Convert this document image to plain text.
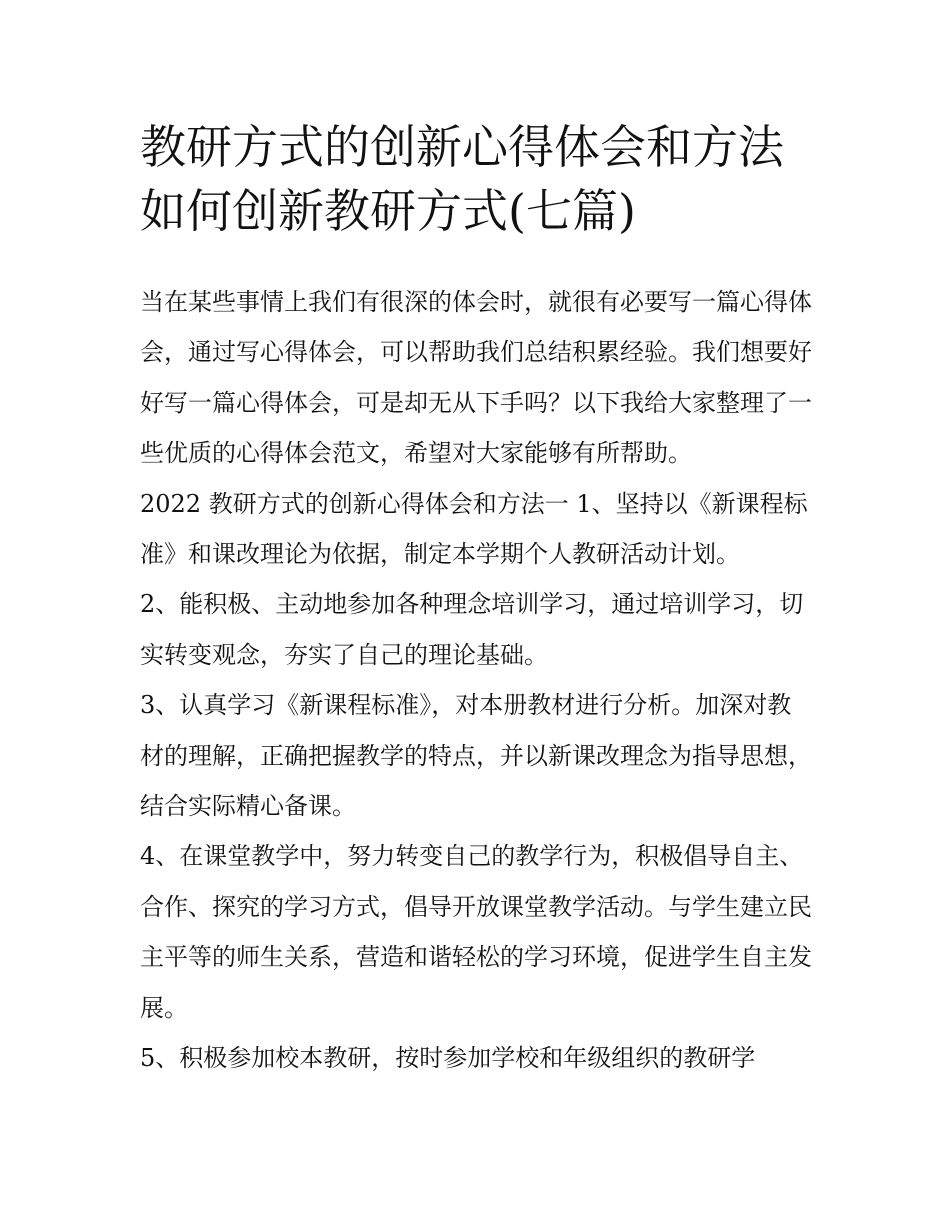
教研方式的创新心得体会和方法 如何创新教研方式(七篇)

当在某些事情上我们有很深的体会时，就很有必要写一篇心得体会，通过写心得体会，可以帮助我们总结积累经验。我们想要好好写一篇心得体会，可是却无从下手吗？以下我给大家整理了一些优质的心得体会范文，希望对大家能够有所帮助。

2022 教研方式的创新心得体会和方法一 1、坚持以《新课程标准》和课改理论为依据，制定本学期个人教研活动计划。

2、能积极、主动地参加各种理念培训学习，通过培训学习，切实转变观念，夯实了自己的理论基础。

3、认真学习《新课程标准》，对本册教材进行分析。加深对教材的理解，正确把握教学的特点，并以新课改理念为指导思想，结合实际精心备课。

4、在课堂教学中，努力转变自己的教学行为，积极倡导自主、合作、探究的学习方式，倡导开放课堂教学活动。与学生建立民主平等的师生关系，营造和谐轻松的学习环境，促进学生自主发展。

5、积极参加校本教研，按时参加学校和年级组织的教研学
